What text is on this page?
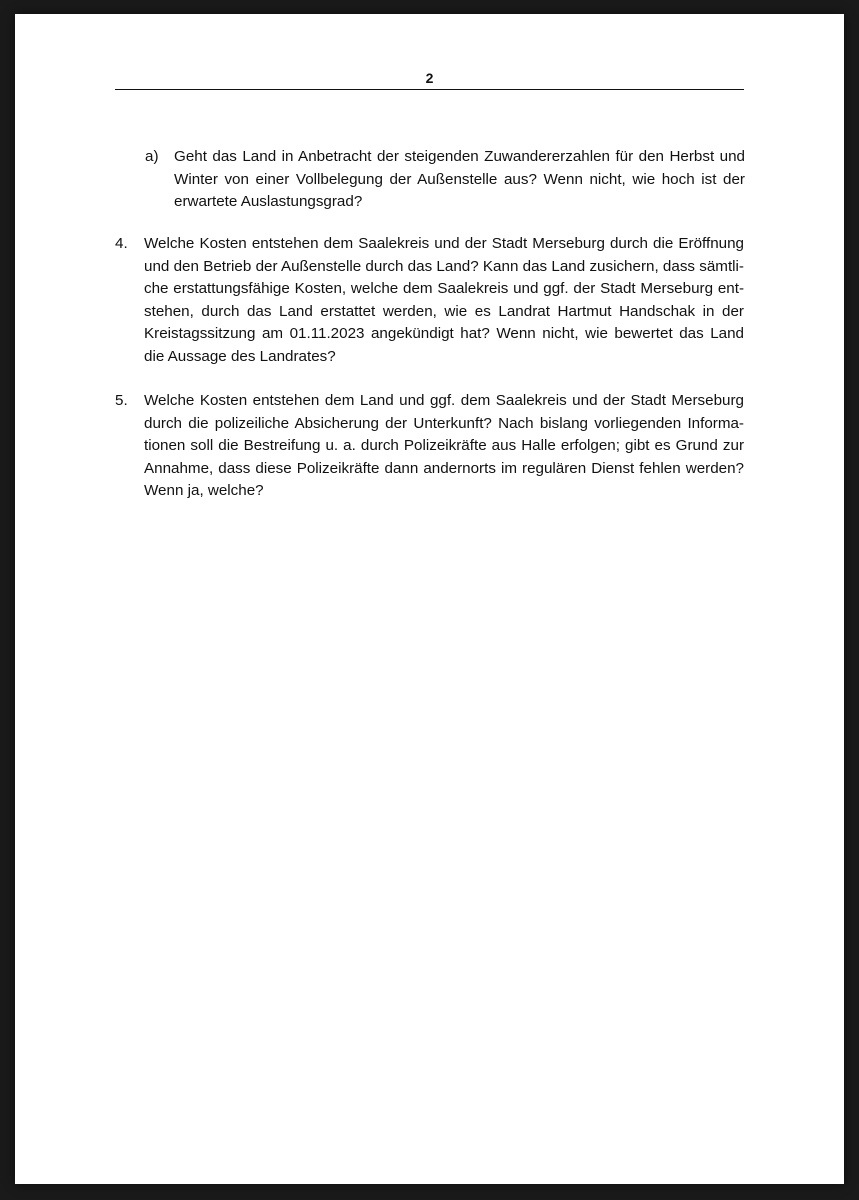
2
a) Geht das Land in Anbetracht der steigenden Zuwandererzahlen für den Herbst und
Winter von einer Vollbelegung der Außenstelle aus? Wenn nicht, wie hoch ist der
erwartete Auslastungsgrad?
4. Welche Kosten entstehen dem Saalekreis und der Stadt Merseburg durch die Eröffnung
und den Betrieb der Außenstelle durch das Land? Kann das Land zusichern, dass sämtli-
che erstattungsfähige Kosten, welche dem Saalekreis und ggf. der Stadt Merseburg ent-
stehen, durch das Land erstattet werden, wie es Landrat Hartmut Handschak in der
Kreistagssitzung am 01.11.2023 angekündigt hat? Wenn nicht, wie bewertet das Land
die Aussage des Landrates?
5. Welche Kosten entstehen dem Land und ggf. dem Saalekreis und der Stadt Merseburg
durch die polizeiliche Absicherung der Unterkunft? Nach bislang vorliegenden Informa-
tionen soll die Bestreifung u. a. durch Polizeikräfte aus Halle erfolgen; gibt es Grund zur
Annahme, dass diese Polizeikräfte dann andernorts im regulären Dienst fehlen werden?
Wenn ja, welche?
